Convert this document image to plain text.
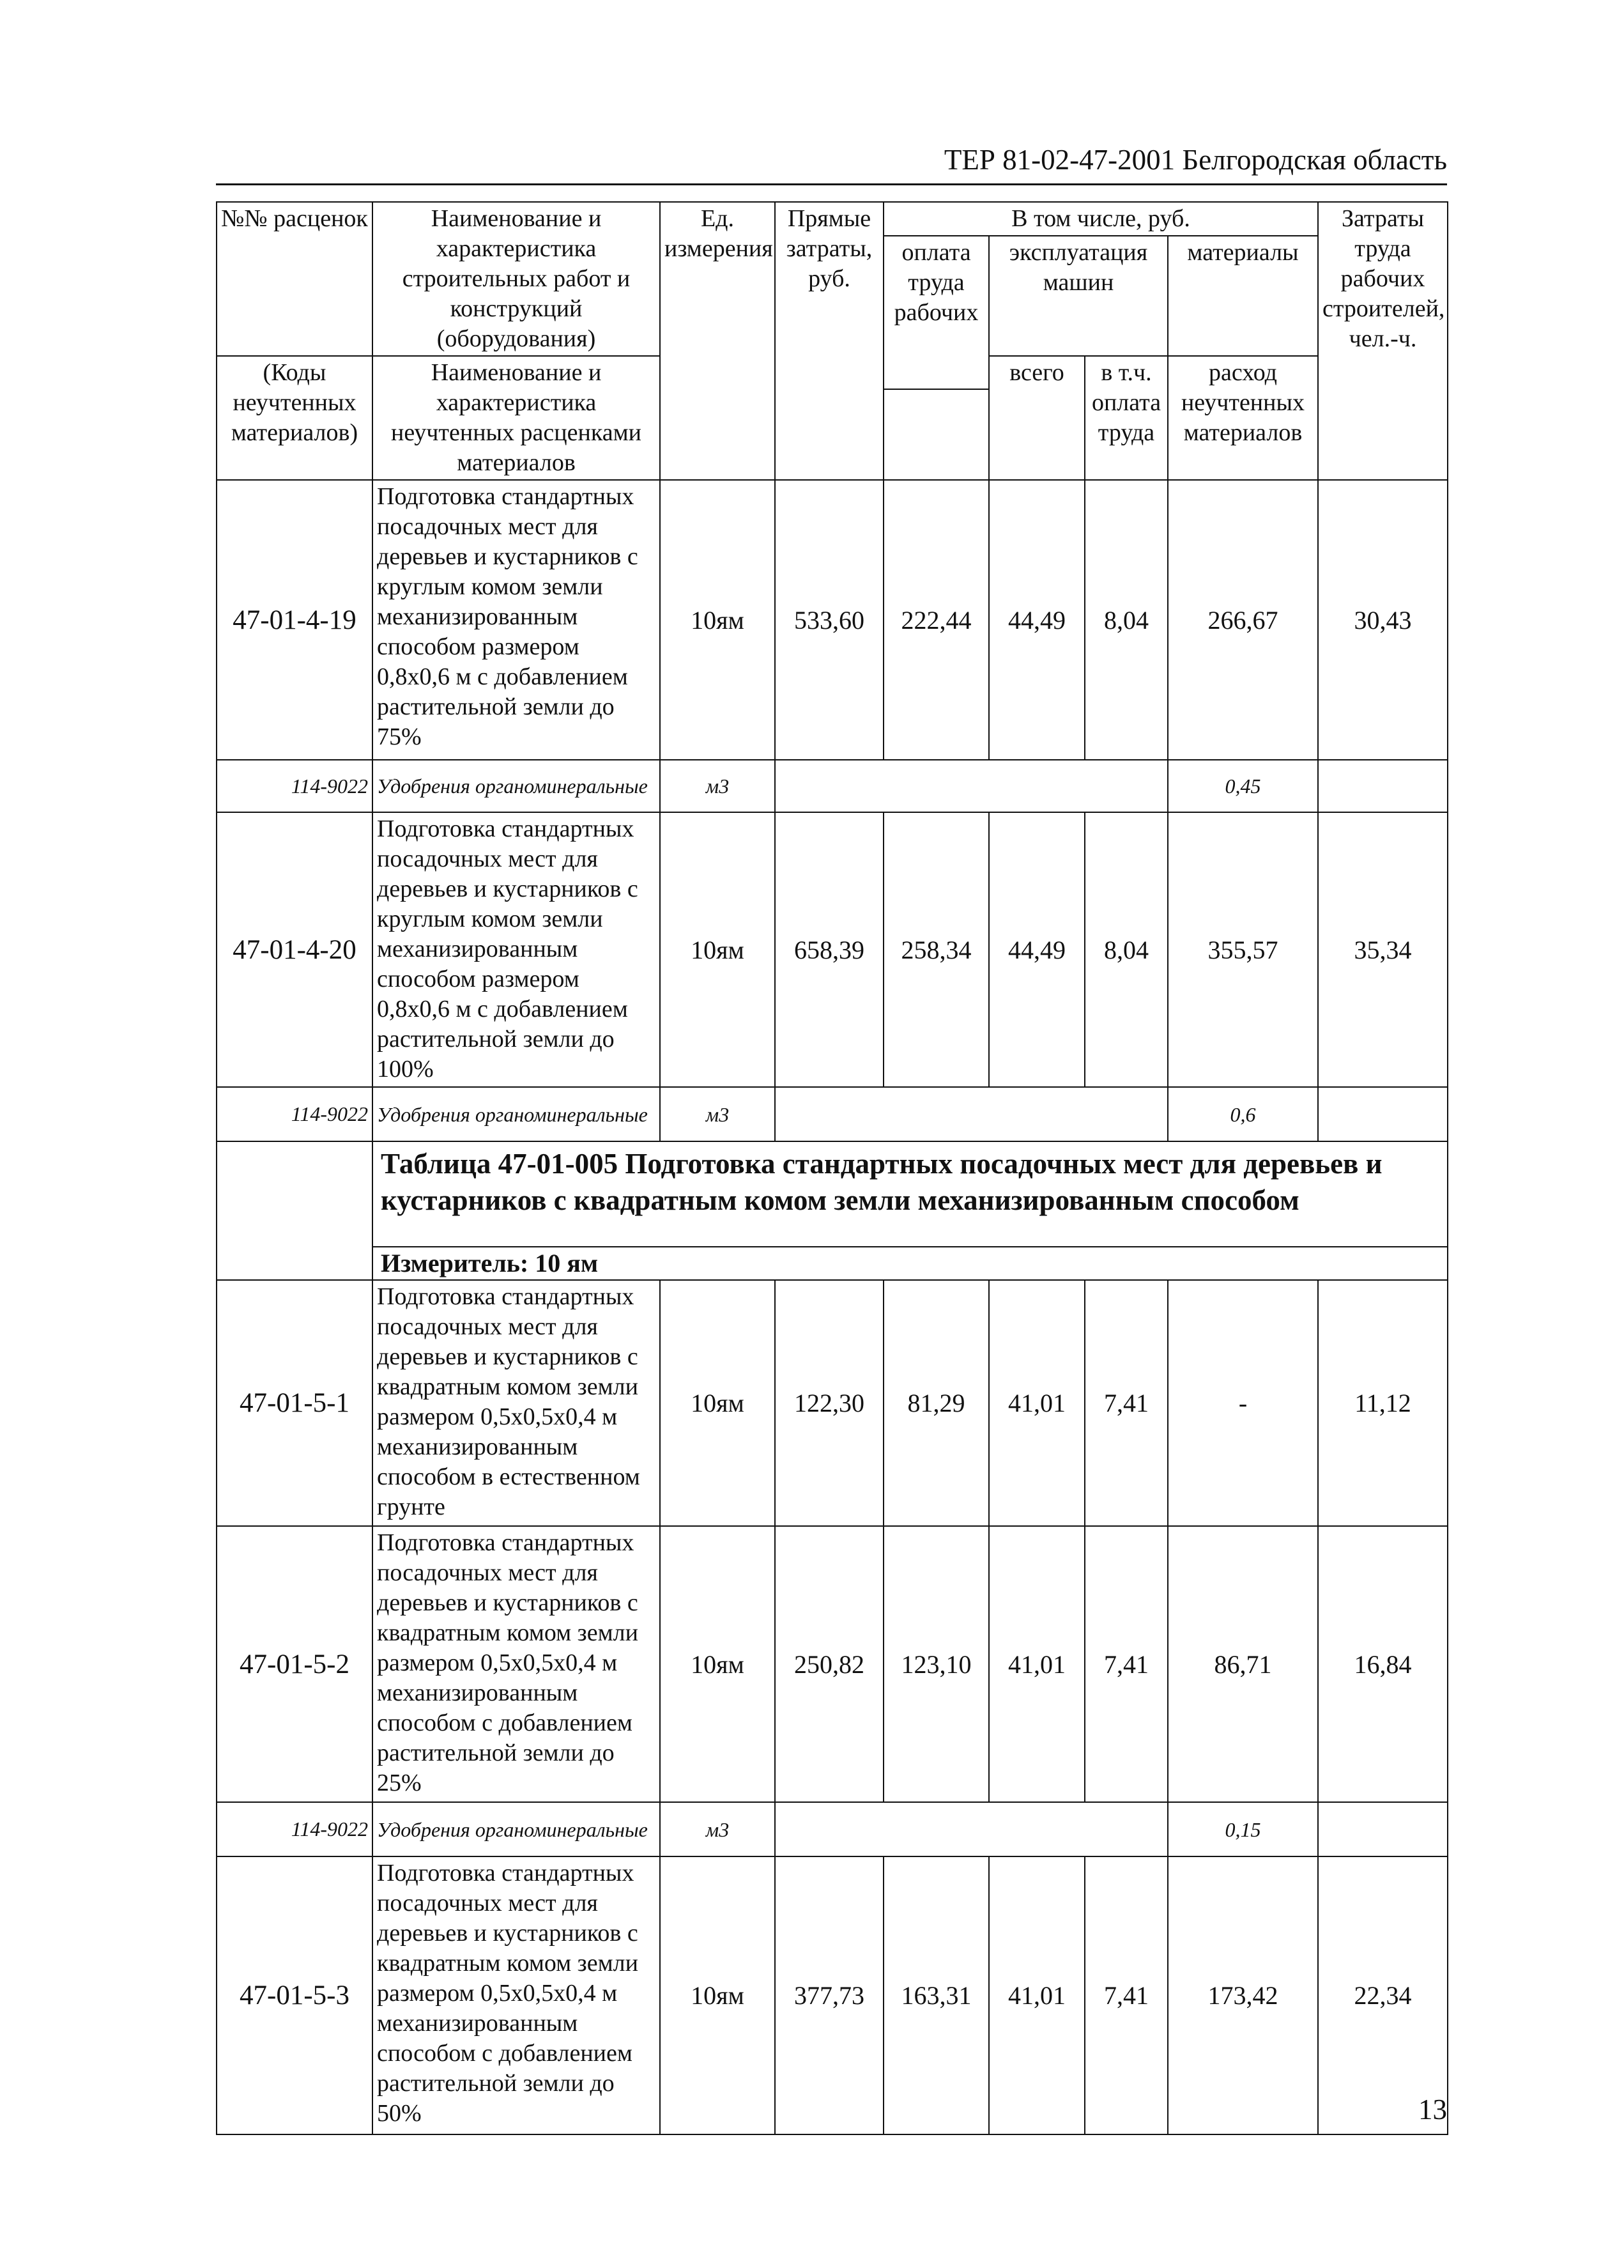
ТЕР 81-02-47-2001 Белгородская область
№№ расценок	Наименование и характеристика строительных работ и конструкций (оборудования)	Ед. измерения	Прямые затраты, руб.	В том числе, руб.				Затраты труда рабочих строителей, чел.-ч.
				оплата труда рабочих	эксплуатация машин		материалы	

(Коды неучтенных материалов)	Наименование и характеристика неучтенных расценками материалов				всего	в т.ч. оплата труда	расход неучтенных материалов	

47-01-4-19	Подготовка стандартных посадочных мест для деревьев и кустарников с круглым комом земли механизированным способом размером 0,8х0,6 м с добавлением растительной земли до 75%	10ям	533,60	222,44	44,49	8,04	266,67	30,43
114-9022	Удобрения органоминеральные	м3					0,45	
47-01-4-20	Подготовка стандартных посадочных мест для деревьев и кустарников с круглым комом земли механизированным способом размером 0,8х0,6 м с добавлением растительной земли до 100%	10ям	658,39	258,34	44,49	8,04	355,57	35,34
114-9022	Удобрения органоминеральные	м3					0,6	
	Таблица 47-01-005 Подготовка стандартных посадочных мест для деревьев и кустарников с квадратным комом земли механизированным способом							
	Измеритель: 10 ям							
47-01-5-1	Подготовка стандартных посадочных мест для деревьев и кустарников с квадратным комом земли размером 0,5х0,5х0,4 м механизированным способом в естественном грунте	10ям	122,30	81,29	41,01	7,41	-	11,12
47-01-5-2	Подготовка стандартных посадочных мест для деревьев и кустарников с квадратным комом земли размером 0,5х0,5х0,4 м механизированным способом с добавлением растительной земли до 25%	10ям	250,82	123,10	41,01	7,41	86,71	16,84
114-9022	Удобрения органоминеральные	м3					0,15	
47-01-5-3	Подготовка стандартных посадочных мест для деревьев и кустарников с квадратным комом земли размером 0,5х0,5х0,4 м механизированным способом с добавлением растительной земли до 50%	10ям	377,73	163,31	41,01	7,41	173,42	22,34
13
